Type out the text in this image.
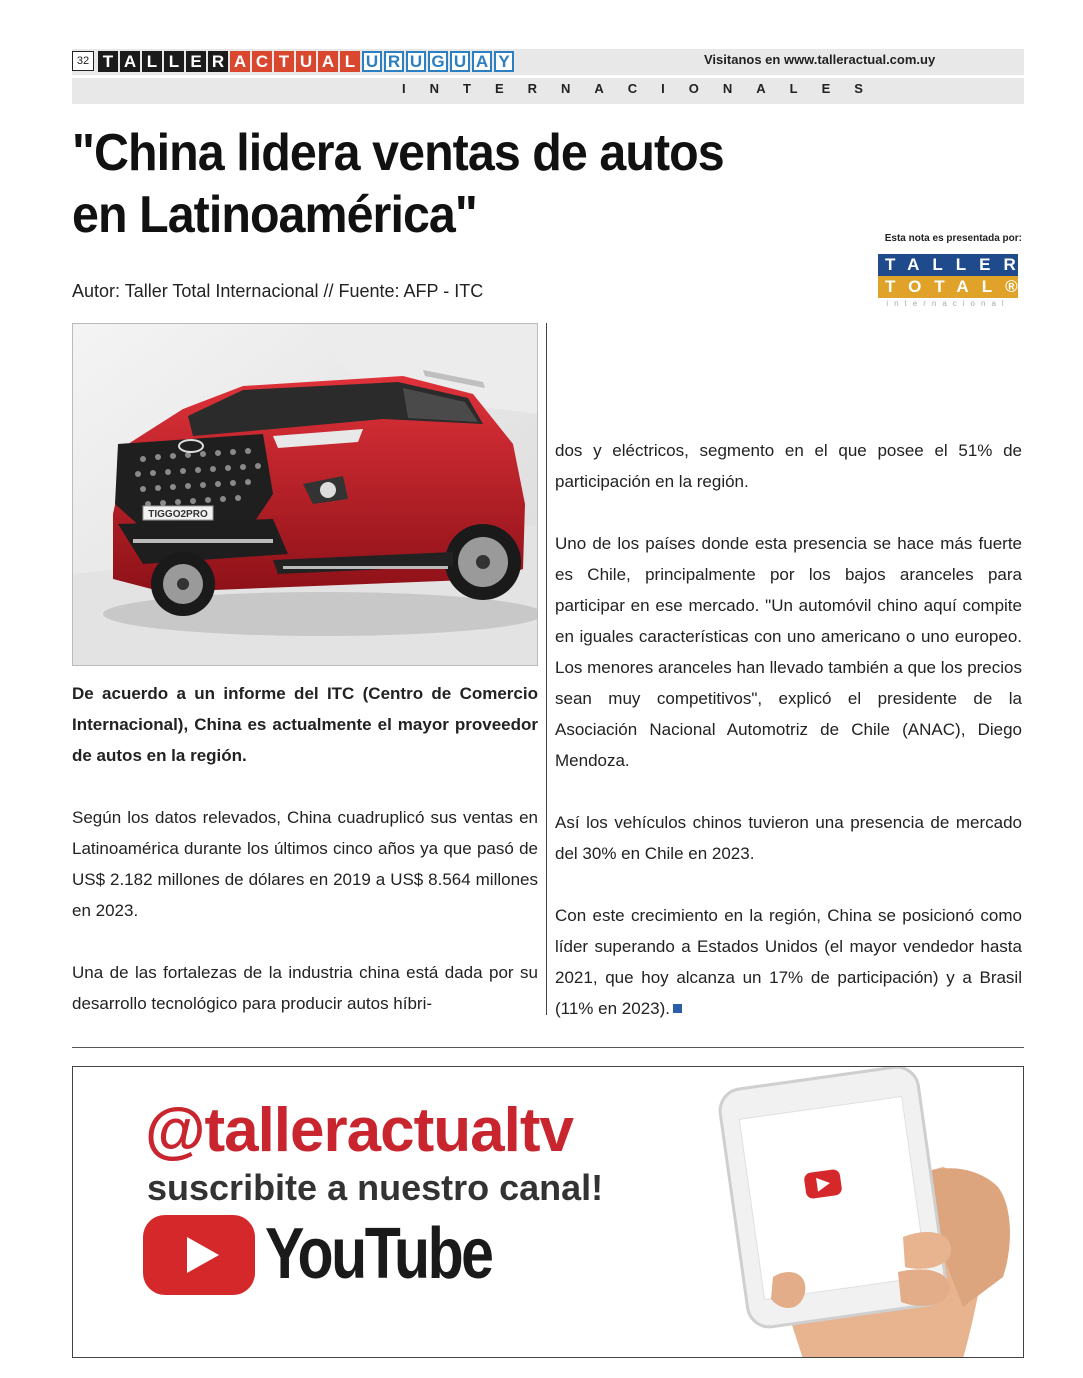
32 T A L L E R A C T U A L U R U G U A Y	Visitanos en www.talleractual.com.uy
INTERNACIONALES
"China lidera ventas de autos
en Latinoamérica"
Autor: Taller Total Internacional // Fuente: AFP - ITC
Esta nota es presentada por:
TALLER
TOTAL®
internacional
TIGGO2PRO

De acuerdo a un informe del ITC (Centro de Comercio Internacional), China es actualmente el mayor proveedor de autos en la región.

Según los datos relevados, China cuadruplicó sus ventas en Latinoamérica durante los últimos cinco años ya que pasó de US$ 2.182 millones de dólares en 2019 a US$ 8.564 millones en 2023.

Una de las fortalezas de la industria china está dada por su desarrollo tecnológico para producir autos híbri-

dos y eléctricos, segmento en el que posee el 51% de participación en la región.

Uno de los países donde esta presencia se hace más fuerte es Chile, principalmente por los bajos aranceles para participar en ese mercado. "Un automóvil chino aquí compite en iguales características con uno americano o uno europeo. Los menores aranceles han llevado también a que los precios sean muy competitivos", explicó el presidente de la Asociación Nacional Automotriz de Chile (ANAC), Diego Mendoza.

Así los vehículos chinos tuvieron una presencia de mercado del 30% en Chile en 2023.

Con este crecimiento en la región, China se posicionó como líder superando a Estados Unidos (el mayor vendedor hasta 2021, que hoy alcanza un 17% de participación) y a Brasil (11% en 2023).

@talleractualtv
suscribite a nuestro canal!
YouTube
